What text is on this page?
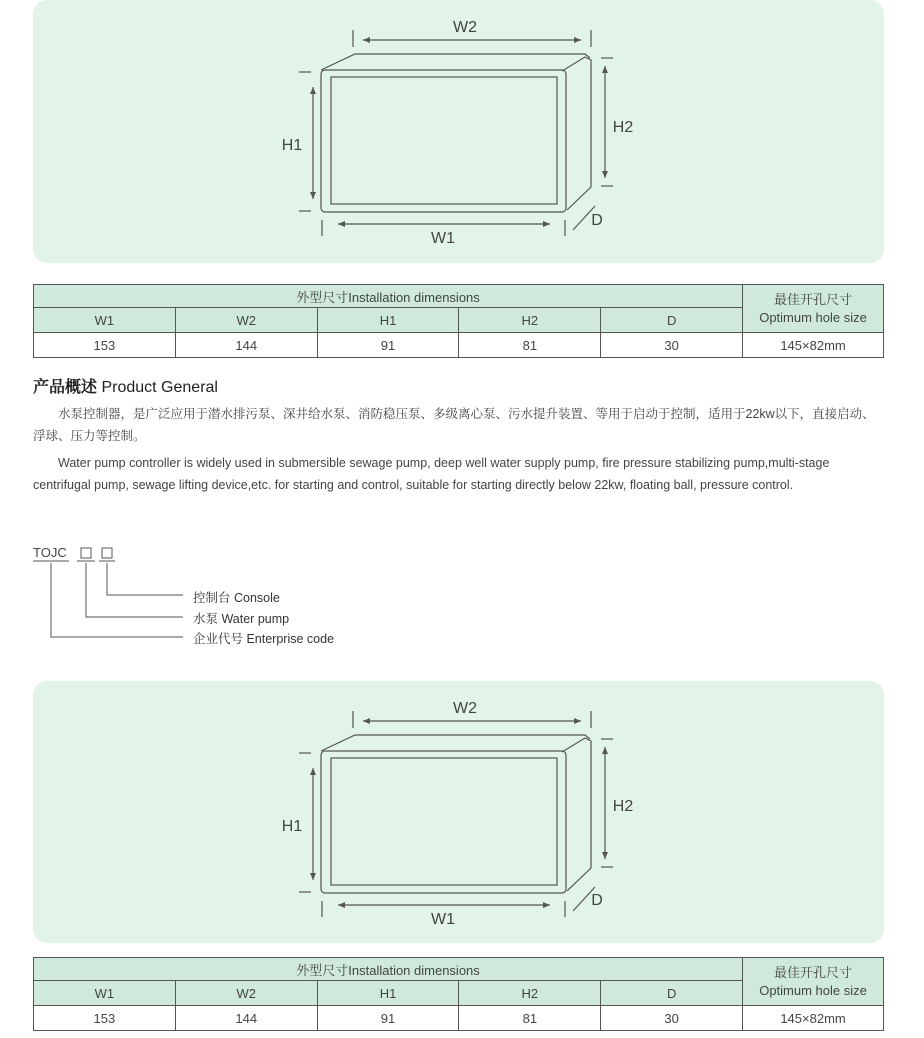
W2
H2
H1
W1
D
外型尺寸Installation dimensions					最佳开孔尺寸
Optimum hole size

W1	W2	H1	H2	D	
153	144	91	81	30	145×82mm
产品概述 Product General
水泵控制器，是广泛应用于潜水排污泵、深井给水泵、消防稳压泵、多级离心泵、污水提升装置、等用于启动于控制，适用于22kw以下，直接启动、浮球、压力等控制。
Water pump controller is widely used in submersible sewage pump, deep well water supply pump, fire pressure stabilizing pump,multi-stage centrifugal pump, sewage lifting device,etc. for starting and control, suitable for starting directly below 22kw, floating ball, pressure control.
TOJC
控制台 Console
水泵 Water pump
企业代号 Enterprise code
W2
H2
H1
W1
D
外型尺寸Installation dimensions					最佳开孔尺寸
Optimum hole size

W1	W2	H1	H2	D	
153	144	91	81	30	145×82mm
